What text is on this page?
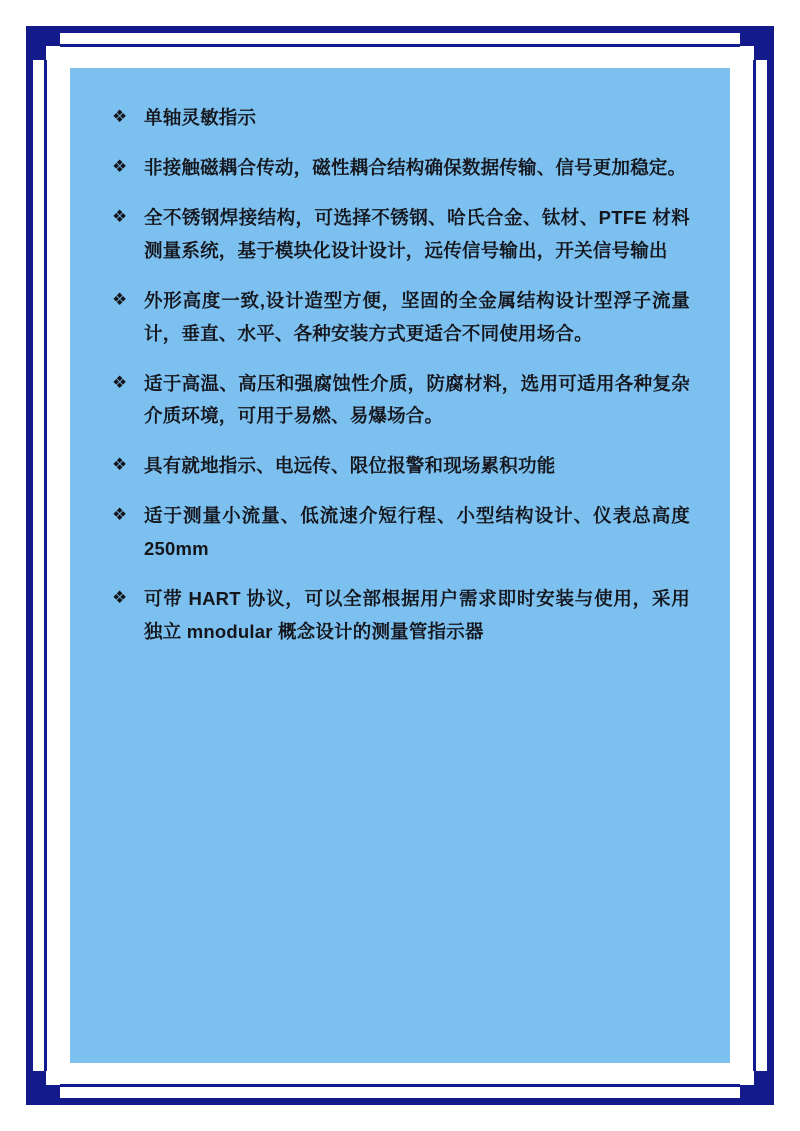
❖ 单轴灵敏指示
❖ 非接触磁耦合传动，磁性耦合结构确保数据传输、信号更加稳定。
❖ 全不锈钢焊接结构，可选择不锈钢、哈氏合金、钛材、PTFE 材料测量系统，基于模块化设计设计，远传信号输出，开关信号输出
❖ 外形高度一致,设计造型方便，坚固的全金属结构设计型浮子流量计，垂直、水平、各种安装方式更适合不同使用场合。
❖ 适于高温、高压和强腐蚀性介质，防腐材料，选用可适用各种复杂介质环境，可用于易燃、易爆场合。
❖ 具有就地指示、电远传、限位报警和现场累积功能
❖ 适于测量小流量、低流速介短行程、小型结构设计、仪表总高度 250mm
❖ 可带 HART 协议，可以全部根据用户需求即时安装与使用，采用独立 mnodular 概念设计的测量管指示器
